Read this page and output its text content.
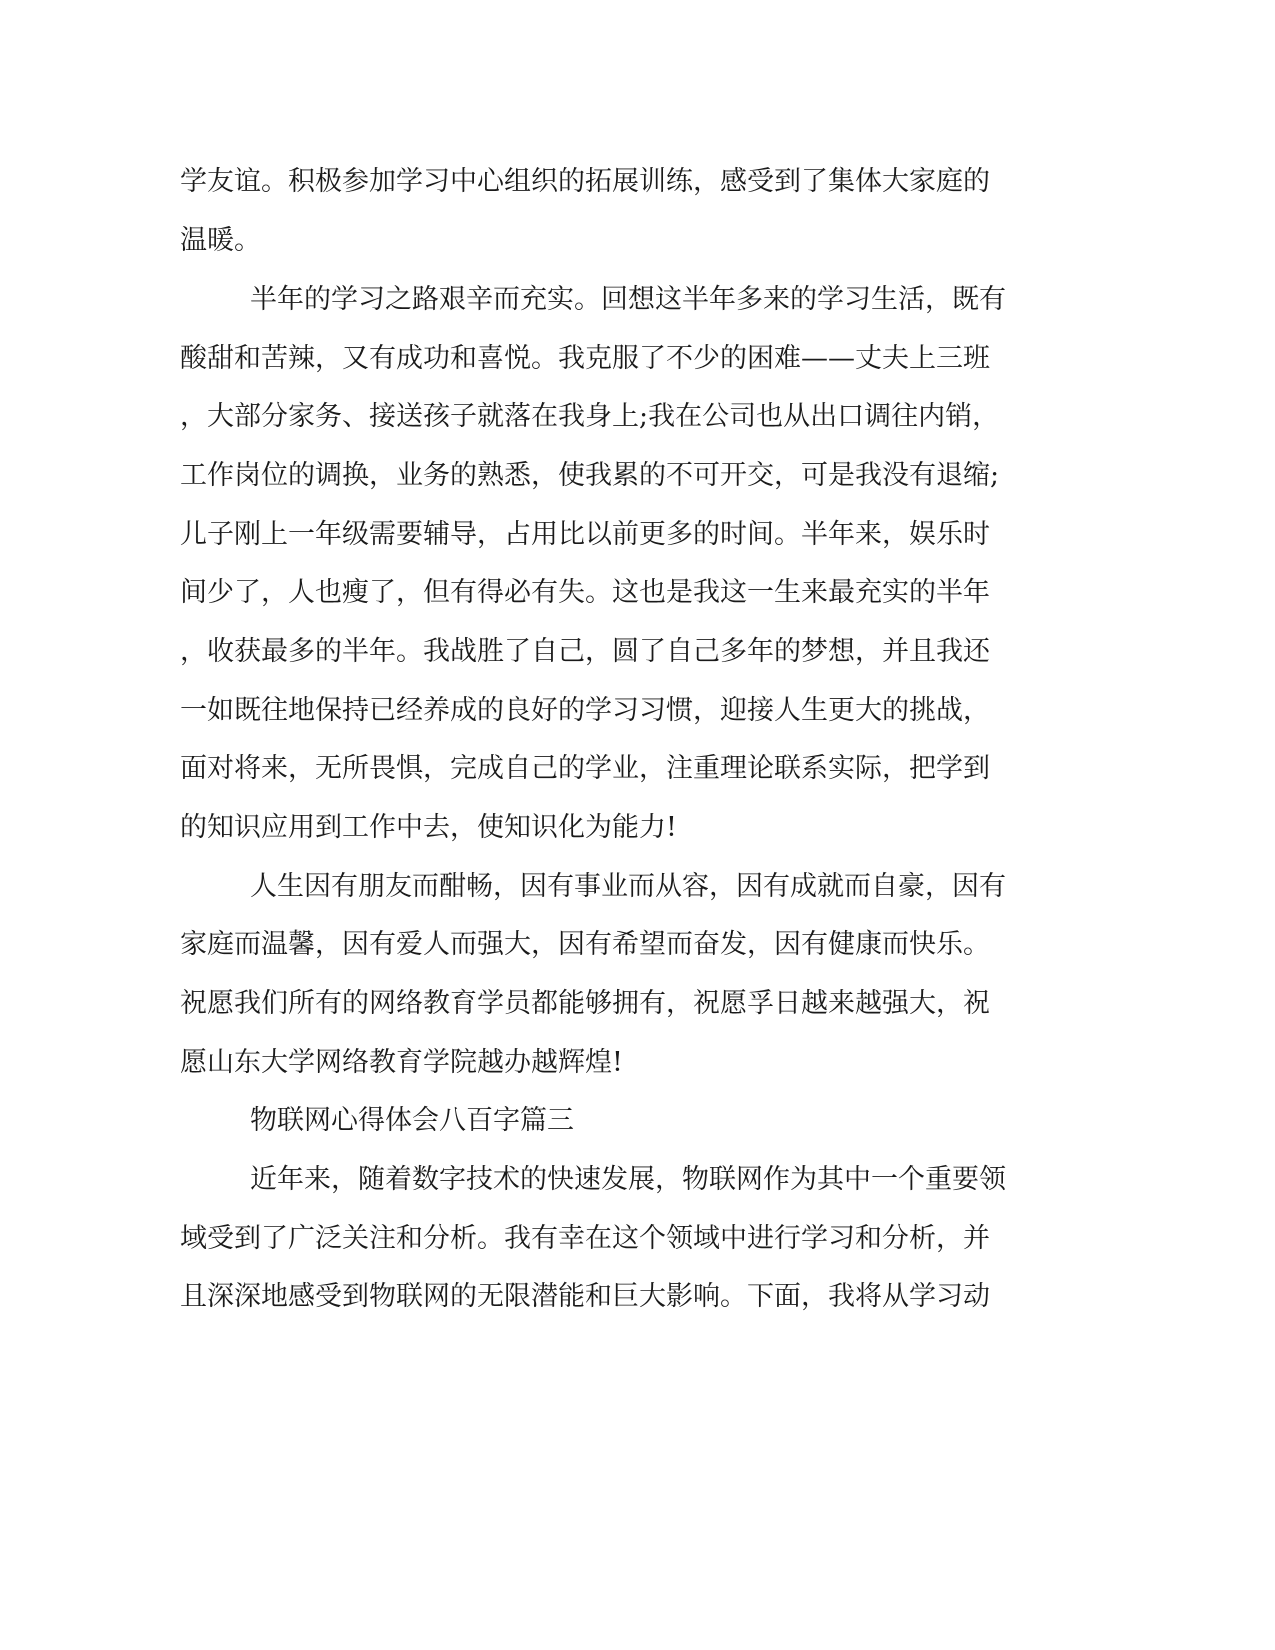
学友谊。积极参加学习中心组织的拓展训练，感受到了集体大家庭的

温暖。

半年的学习之路艰辛而充实。回想这半年多来的学习生活，既有

酸甜和苦辣，又有成功和喜悦。我克服了不少的困难——丈夫上三班

，大部分家务、接送孩子就落在我身上;我在公司也从出口调往内销，

工作岗位的调换，业务的熟悉，使我累的不可开交，可是我没有退缩;

儿子刚上一年级需要辅导，占用比以前更多的时间。半年来，娱乐时

间少了，人也瘦了，但有得必有失。这也是我这一生来最充实的半年

，收获最多的半年。我战胜了自己，圆了自己多年的梦想，并且我还

一如既往地保持已经养成的良好的学习习惯，迎接人生更大的挑战，

面对将来，无所畏惧，完成自己的学业，注重理论联系实际，把学到

的知识应用到工作中去，使知识化为能力!

人生因有朋友而酣畅，因有事业而从容，因有成就而自豪，因有

家庭而温馨，因有爱人而强大，因有希望而奋发，因有健康而快乐。

祝愿我们所有的网络教育学员都能够拥有，祝愿孚日越来越强大，祝

愿山东大学网络教育学院越办越辉煌!

物联网心得体会八百字篇三

近年来，随着数字技术的快速发展，物联网作为其中一个重要领

域受到了广泛关注和分析。我有幸在这个领域中进行学习和分析，并

且深深地感受到物联网的无限潜能和巨大影响。下面，我将从学习动
